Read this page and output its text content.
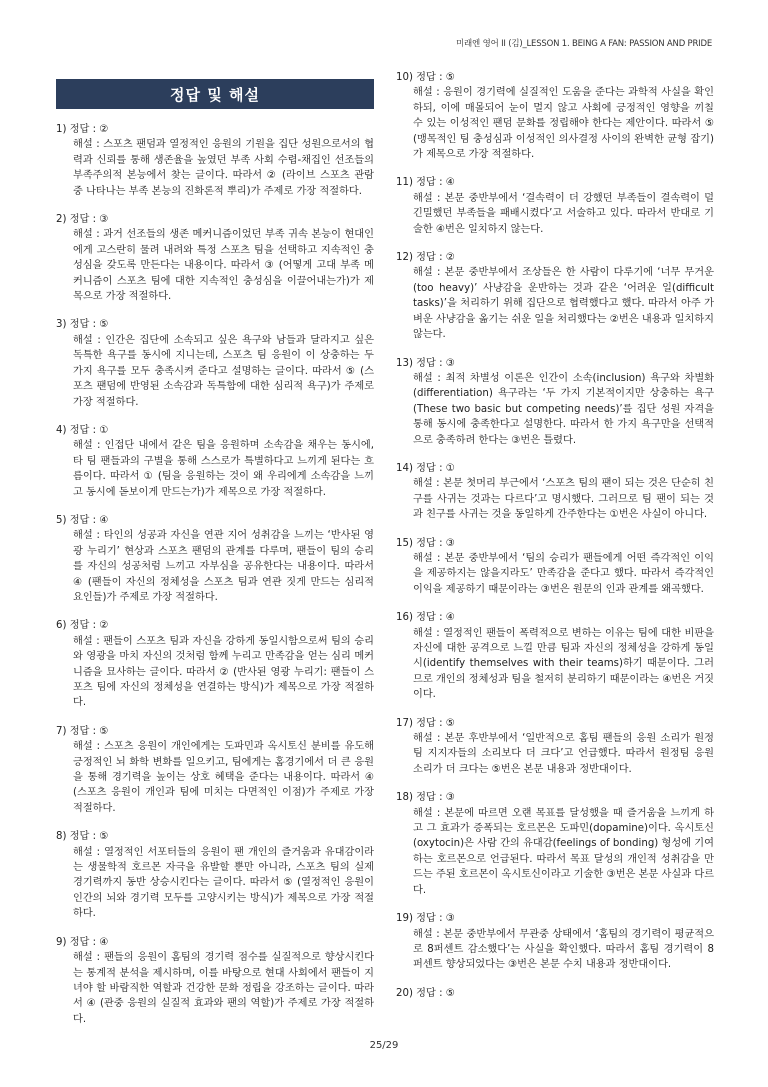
미래엔 영어 II (김)_LESSON 1. BEING A FAN: PASSION AND PRIDE
정답 및 해설
1) 정답 : ②
해설 : 스포츠 팬덤과 열정적인 응원의 기원을 집단 성원으로서의 협력과 신뢰를 통해 생존율을 높였던 부족 사회 수렵-채집인 선조들의 부족주의적 본능에서 찾는 글이다. 따라서 ② (라이브 스포츠 관람 중 나타나는 부족 본능의 진화론적 뿌리)가 주제로 가장 적절하다.
2) 정답 : ③
해설 : 과거 선조들의 생존 메커니즘이었던 부족 귀속 본능이 현대인에게 고스란히 물려 내려와 특정 스포츠 팀을 선택하고 지속적인 충성심을 갖도록 만든다는 내용이다. 따라서 ③ (어떻게 고대 부족 메커니즘이 스포츠 팀에 대한 지속적인 충성심을 이끌어내는가)가 제목으로 가장 적절하다.
3) 정답 : ⑤
해설 : 인간은 집단에 소속되고 싶은 욕구와 남들과 달라지고 싶은 독특한 욕구를 동시에 지니는데, 스포츠 팀 응원이 이 상충하는 두 가지 욕구를 모두 충족시켜 준다고 설명하는 글이다. 따라서 ⑤ (스포츠 팬덤에 반영된 소속감과 독특함에 대한 심리적 욕구)가 주제로 가장 적절하다.
4) 정답 : ①
해설 : 인접단 내에서 같은 팀을 응원하며 소속감을 채우는 동시에, 타 팀 팬들과의 구별을 통해 스스로가 특별하다고 느끼게 된다는 흐름이다. 따라서 ① (팀을 응원하는 것이 왜 우리에게 소속감을 느끼고 동시에 돋보이게 만드는가)가 제목으로 가장 적절하다.
5) 정답 : ④
해설 : 타인의 성공과 자신을 연관 지어 성취감을 느끼는 ‘반사된 영광 누리기’ 현상과 스포츠 팬덤의 관계를 다루며, 팬들이 팀의 승리를 자신의 성공처럼 느끼고 자부심을 공유한다는 내용이다. 따라서 ④ (팬들이 자신의 정체성을 스포츠 팀과 연관 짓게 만드는 심리적 요인들)가 주제로 가장 적절하다.
6) 정답 : ②
해설 : 팬들이 스포츠 팀과 자신을 강하게 동일시함으로써 팀의 승리와 영광을 마치 자신의 것처럼 함께 누리고 만족감을 얻는 심리 메커니즘을 묘사하는 글이다. 따라서 ② (반사된 영광 누리기: 팬들이 스포츠 팀에 자신의 정체성을 연결하는 방식)가 제목으로 가장 적절하다.
7) 정답 : ⑤
해설 : 스포츠 응원이 개인에게는 도파민과 옥시토신 분비를 유도해 긍정적인 뇌 화학 변화를 일으키고, 팀에게는 홈경기에서 더 큰 응원을 통해 경기력을 높이는 상호 혜택을 준다는 내용이다. 따라서 ④ (스포츠 응원이 개인과 팀에 미치는 다면적인 이점)가 주제로 가장 적절하다.
8) 정답 : ⑤
해설 : 열정적인 서포터들의 응원이 팬 개인의 즐거움과 유대감이라는 생물학적 호르몬 자극을 유발할 뿐만 아니라, 스포츠 팀의 실제 경기력까지 동반 상승시킨다는 글이다. 따라서 ⑤ (열정적인 응원이 인간의 뇌와 경기력 모두를 고양시키는 방식)가 제목으로 가장 적절하다.
9) 정답 : ④
해설 : 팬들의 응원이 홈팀의 경기력 점수를 실질적으로 향상시킨다는 통계적 분석을 제시하며, 이를 바탕으로 현대 사회에서 팬들이 지녀야 할 바람직한 역할과 건강한 문화 정립을 강조하는 글이다. 따라서 ④ (관중 응원의 실질적 효과와 팬의 역할)가 주제로 가장 적절하다.
10) 정답 : ⑤
해설 : 응원이 경기력에 실질적인 도움을 준다는 과학적 사실을 확인하되, 이에 매몰되어 눈이 멀지 않고 사회에 긍정적인 영향을 끼칠 수 있는 이성적인 팬덤 문화를 정립해야 한다는 제안이다. 따라서 ⑤ (맹목적인 팀 충성심과 이성적인 의사결정 사이의 완벽한 균형 잡기)가 제목으로 가장 적절하다.
11) 정답 : ④
해설 : 본문 중반부에서 ‘결속력이 더 강했던 부족들이 결속력이 덜 긴밀했던 부족들을 패배시켰다’고 서술하고 있다. 따라서 반대로 기술한 ④번은 일치하지 않는다.
12) 정답 : ②
해설 : 본문 중반부에서 조상들은 한 사람이 다루기에 ‘너무 무거운(too heavy)’ 사냥감을 운반하는 것과 같은 ‘어려운 일(difficult tasks)’을 처리하기 위해 집단으로 협력했다고 했다. 따라서 아주 가벼운 사냥감을 옮기는 쉬운 일을 처리했다는 ②번은 내용과 일치하지 않는다.
13) 정답 : ③
해설 : 최적 차별성 이론은 인간이 소속(inclusion) 욕구와 차별화(differentiation) 욕구라는 ‘두 가지 기본적이지만 상충하는 욕구(These two basic but competing needs)’를 집단 성원 자격을 통해 동시에 충족한다고 설명한다. 따라서 한 가지 욕구만을 선택적으로 충족하려 한다는 ③번은 틀렸다.
14) 정답 : ①
해설 : 본문 첫머리 부근에서 ‘스포츠 팀의 팬이 되는 것은 단순히 친구를 사귀는 것과는 다르다’고 명시했다. 그러므로 팀 팬이 되는 것과 친구를 사귀는 것을 동일하게 간주한다는 ①번은 사실이 아니다.
15) 정답 : ③
해설 : 본문 중반부에서 ‘팀의 승리가 팬들에게 어떤 즉각적인 이익을 제공하지는 않을지라도’ 만족감을 준다고 했다. 따라서 즉각적인 이익을 제공하기 때문이라는 ③번은 원문의 인과 관계를 왜곡했다.
16) 정답 : ④
해설 : 열정적인 팬들이 폭력적으로 변하는 이유는 팀에 대한 비판을 자신에 대한 공격으로 느낄 만큼 팀과 자신의 정체성을 강하게 동일시(identify themselves with their teams)하기 때문이다. 그러므로 개인의 정체성과 팀을 철저히 분리하기 때문이라는 ④번은 거짓이다.
17) 정답 : ⑤
해설 : 본문 후반부에서 ‘일반적으로 홈팀 팬들의 응원 소리가 원정팀 지지자들의 소리보다 더 크다’고 언급했다. 따라서 원정팀 응원 소리가 더 크다는 ⑤번은 본문 내용과 정반대이다.
18) 정답 : ③
해설 : 본문에 따르면 오랜 목표를 달성했을 때 즐거움을 느끼게 하고 그 효과가 증폭되는 호르몬은 도파민(dopamine)이다. 옥시토신(oxytocin)은 사람 간의 유대감(feelings of bonding) 형성에 기여하는 호르몬으로 언급된다. 따라서 목표 달성의 개인적 성취감을 만드는 주된 호르몬이 옥시토신이라고 기술한 ③번은 본문 사실과 다르다.
19) 정답 : ③
해설 : 본문 중반부에서 무관중 상태에서 ‘홈팀의 경기력이 평균적으로 8퍼센트 감소했다’는 사실을 확인했다. 따라서 홈팀 경기력이 8퍼센트 향상되었다는 ③번은 본문 수치 내용과 정반대이다.
20) 정답 : ⑤
25/29
